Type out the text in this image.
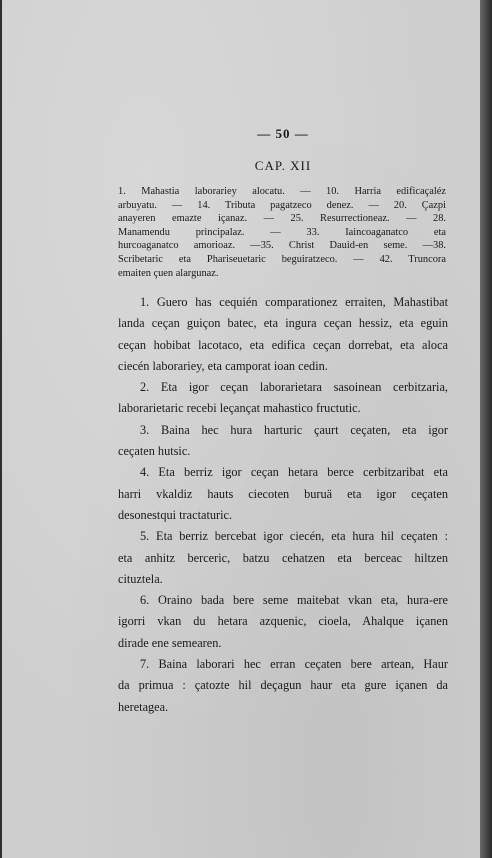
— 50 —
CAP. XII
1. Mahastia laborariey alocatu. — 10. Harria edificaçaléz
arbuyatu. — 14. Tributa pagatzeco denez. — 20. Çazpi
anayeren emazte içanaz. — 25. Resurrectioneaz. — 28.
Manamendu principalaz. — 33. Iaincoaganatco eta
hurcoaganatco amorioaz. —35. Christ Dauid-en seme. —38.
Scribetaric eta Phariseuetaric beguiratzeco. — 42. Truncora
emaiten çuen alargunaz.
1. Guero has cequién comparationez erraiten, Mahastibat
landa ceçan guiçon batec, eta ingura ceçan hessiz, eta eguin
ceçan hobibat lacotaco, eta edifica ceçan dorrebat, eta aloca
ciecén laborariey, eta camporat ioan cedin.
2. Eta igor ceçan laborarietara sasoinean cerbitzaria,
laborarietaric recebi leçançat mahastico fructutic.
3. Baina hec hura harturic çaurt ceçaten, eta igor
ceçaten hutsic.
4. Eta berriz igor ceçan hetara berce cerbitzaribat eta
harri vkaldiz hauts ciecoten buruä eta igor ceçaten
desonestqui tractaturic.
5. Eta berriz bercebat igor ciecén, eta hura hil ceçaten :
eta anhitz berceric, batzu cehatzen eta berceac hiltzen
cituztela.
6. Oraino bada bere seme maitebat vkan eta, hura-ere
igorri vkan du hetara azquenic, cioela, Ahalque içanen
dirade ene semearen.
7. Baina laborari hec erran ceçaten bere artean, Haur
da primua : çatozte hil deçagun haur eta gure içanen da
heretagea.
